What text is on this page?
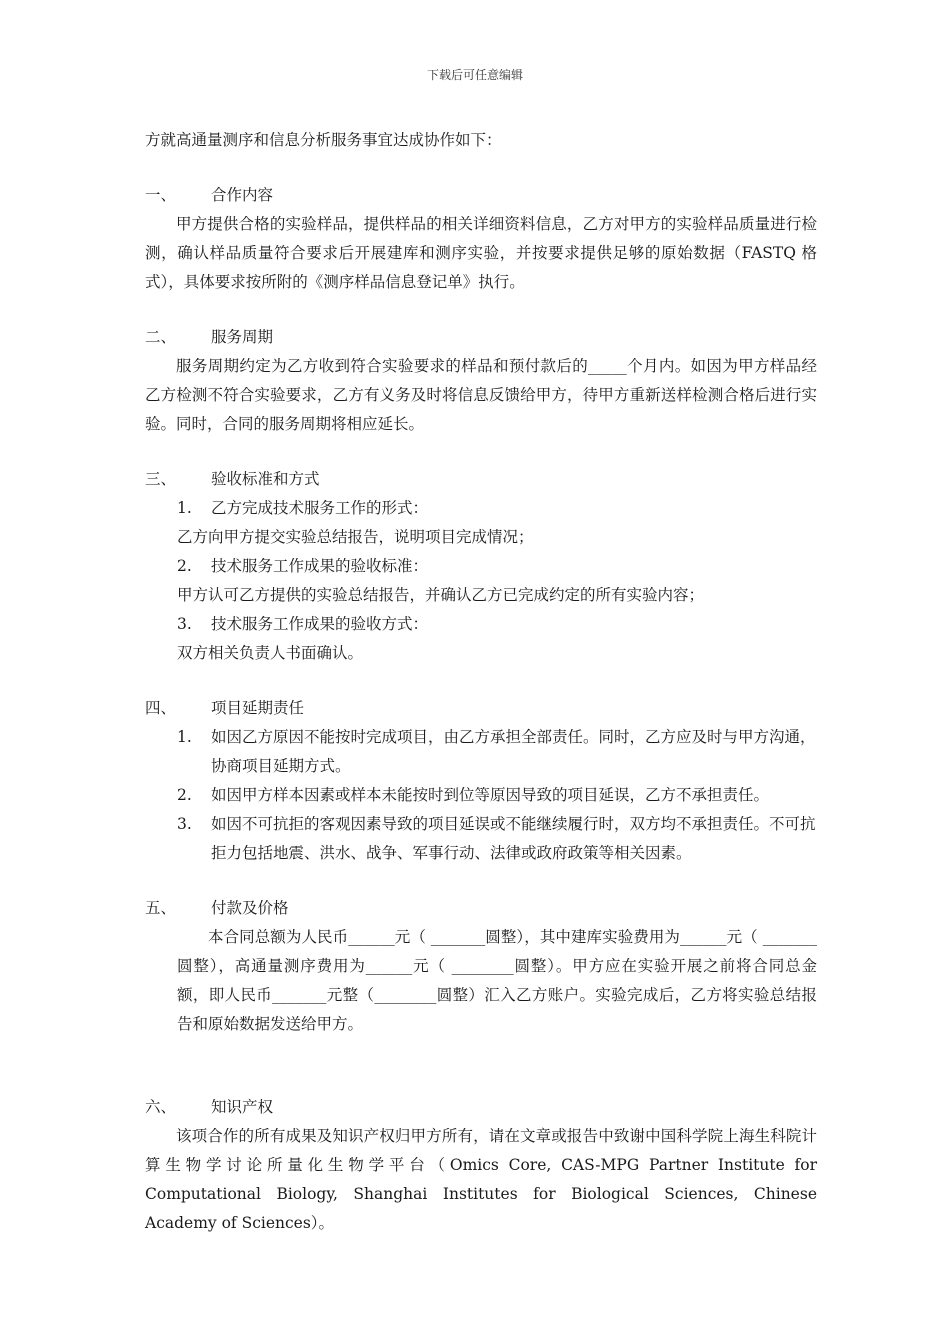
下载后可任意编辑

方就高通量测序和信息分析服务事宜达成协作如下：

一、	合作内容

甲方提供合格的实验样品，提供样品的相关详细资料信息，乙方对甲方的实验样品质量进行检测，确认样品质量符合要求后开展建库和测序实验，并按要求提供足够的原始数据（FASTQ 格式），具体要求按所附的《测序样品信息登记单》执行。

二、	服务周期

服务周期约定为乙方收到符合实验要求的样品和预付款后的_____个月内。如因为甲方样品经乙方检测不符合实验要求，乙方有义务及时将信息反馈给甲方，待甲方重新送样检测合格后进行实验。同时，合同的服务周期将相应延长。

三、	验收标准和方式
1.	乙方完成技术服务工作的形式：
乙方向甲方提交实验总结报告，说明项目完成情况；
2.	技术服务工作成果的验收标准：
甲方认可乙方提供的实验总结报告，并确认乙方已完成约定的所有实验内容；
3.	技术服务工作成果的验收方式：
双方相关负责人书面确认。
四、	项目延期责任
1.	如因乙方原因不能按时完成项目，由乙方承担全部责任。同时，乙方应及时与甲方沟通，协商项目延期方式。
2.	如因甲方样本因素或样本未能按时到位等原因导致的项目延误，乙方不承担责任。
3.	如因不可抗拒的客观因素导致的项目延误或不能继续履行时，双方均不承担责任。不可抗拒力包括地震、洪水、战争、军事行动、法律或政府政策等相关因素。
五、	付款及价格
本合同总额为人民币______元（ _______圆整），其中建库实验费用为______元（ _______圆整），高通量测序费用为______元（ ________圆整）。甲方应在实验开展之前将合同总金额，即人民币_______元整（________圆整）汇入乙方账户。实验完成后，乙方将实验总结报告和原始数据发送给甲方。
六、	知识产权

该项合作的所有成果及知识产权归甲方所有，请在文章或报告中致谢中国科学院上海生科院计算生物学讨论所量化生物学平台（Omics Core, CAS-MPG Partner Institute for Computational Biology, Shanghai Institutes for Biological Sciences, Chinese Academy of Sciences）。
